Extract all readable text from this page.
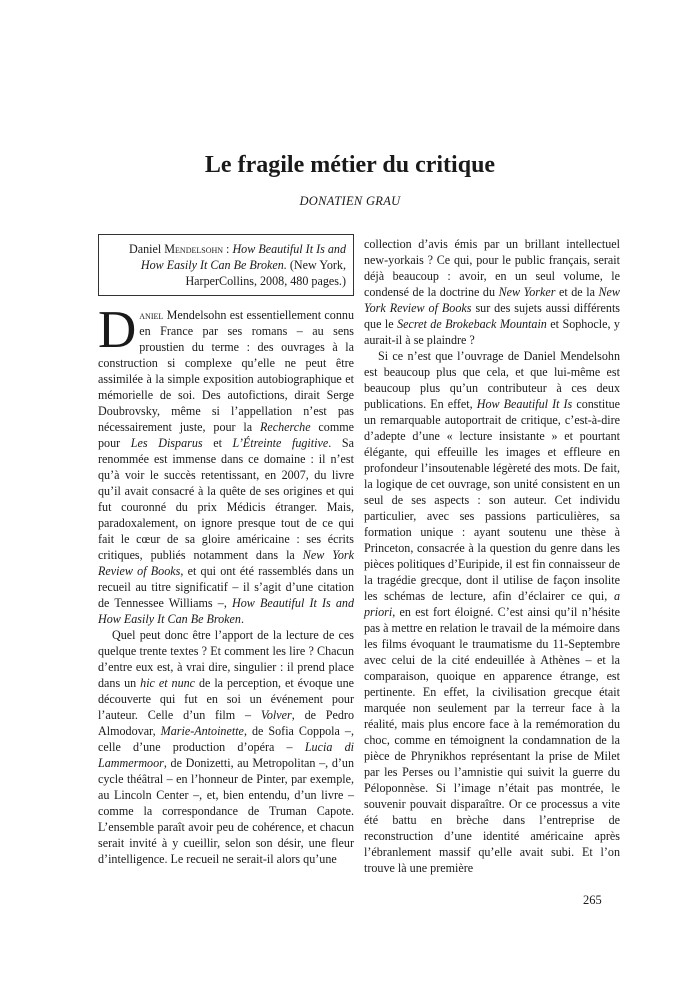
Le fragile métier du critique
DONATIEN GRAU
Daniel Mendelsohn : How Beautiful It Is and How Easily It Can Be Broken. (New York, HarperCollins, 2008, 480 pages.)

Daniel Mendelsohn est essentiellement connu en France par ses romans – au sens proustien du terme : des ouvrages à la construction si complexe qu’elle ne peut être assimilée à la simple exposition autobiographique et mémorielle de soi. Des autofictions, dirait Serge Doubrovsky, même si l’appellation n’est pas nécessairement juste, pour la Recherche comme pour Les Disparus et L’Étreinte fugitive. Sa renommée est immense dans ce domaine : il n’est qu’à voir le succès retentissant, en 2007, du livre qu’il avait consacré à la quête de ses origines et qui fut couronné du prix Médicis étranger. Mais, paradoxalement, on ignore presque tout de ce qui fait le cœur de sa gloire américaine : ses écrits critiques, publiés notamment dans la New York Review of Books, et qui ont été rassemblés dans un recueil au titre significatif – il s’agit d’une citation de Tennessee Williams –, How Beautiful It Is and How Easily It Can Be Broken.

Quel peut donc être l’apport de la lecture de ces quelque trente textes ? Et comment les lire ? Chacun d’entre eux est, à vrai dire, singulier : il prend place dans un hic et nunc de la perception, et évoque une découverte qui fut en soi un événement pour l’auteur. Celle d’un film – Volver, de Pedro Almodovar, Marie-Antoinette, de Sofia Coppola –, celle d’une production d’opéra – Lucia di Lammermoor, de Donizetti, au Metropolitan –, d’un cycle théâtral – en l’honneur de Pinter, par exemple, au Lincoln Center –, et, bien entendu, d’un livre – comme la correspondance de Truman Capote. L’ensemble paraît avoir peu de cohérence, et chacun serait invité à y cueillir, selon son désir, une fleur d’intelligence. Le recueil ne serait-il alors qu’une

collection d’avis émis par un brillant intellectuel new-yorkais ? Ce qui, pour le public français, serait déjà beaucoup : avoir, en un seul volume, le condensé de la doctrine du New Yorker et de la New York Review of Books sur des sujets aussi différents que le Secret de Brokeback Mountain et Sophocle, y aurait-il à se plaindre ?

Si ce n’est que l’ouvrage de Daniel Mendelsohn est beaucoup plus que cela, et que lui-même est beaucoup plus qu’un contributeur à ces deux publications. En effet, How Beautiful It Is constitue un remarquable autoportrait de critique, c’est-à-dire d’adepte d’une « lecture insistante » et pourtant élégante, qui effeuille les images et effleure en profondeur l’insoutenable légèreté des mots. De fait, la logique de cet ouvrage, son unité consistent en un seul de ses aspects : son auteur. Cet individu particulier, avec ses passions particulières, sa formation unique : ayant soutenu une thèse à Princeton, consacrée à la question du genre dans les pièces politiques d’Euripide, il est fin connaisseur de la tragédie grecque, dont il utilise de façon insolite les schémas de lecture, afin d’éclairer ce qui, a priori, en est fort éloigné. C’est ainsi qu’il n’hésite pas à mettre en relation le travail de la mémoire dans les films évoquant le traumatisme du 11-Septembre avec celui de la cité endeuillée à Athènes – et la comparaison, quoique en apparence étrange, est pertinente. En effet, la civilisation grecque était marquée non seulement par la terreur face à la réalité, mais plus encore face à la remémoration du choc, comme en témoignent la condamnation de la pièce de Phrynikhos représentant la prise de Milet par les Perses ou l’amnistie qui suivit la guerre du Péloponnèse. Si l’image n’était pas montrée, le souvenir pouvait disparaître. Or ce processus a vite été battu en brèche dans l’entreprise de reconstruction d’une identité américaine après l’ébranlement massif qu’elle avait subi. Et l’on trouve là une première

265
